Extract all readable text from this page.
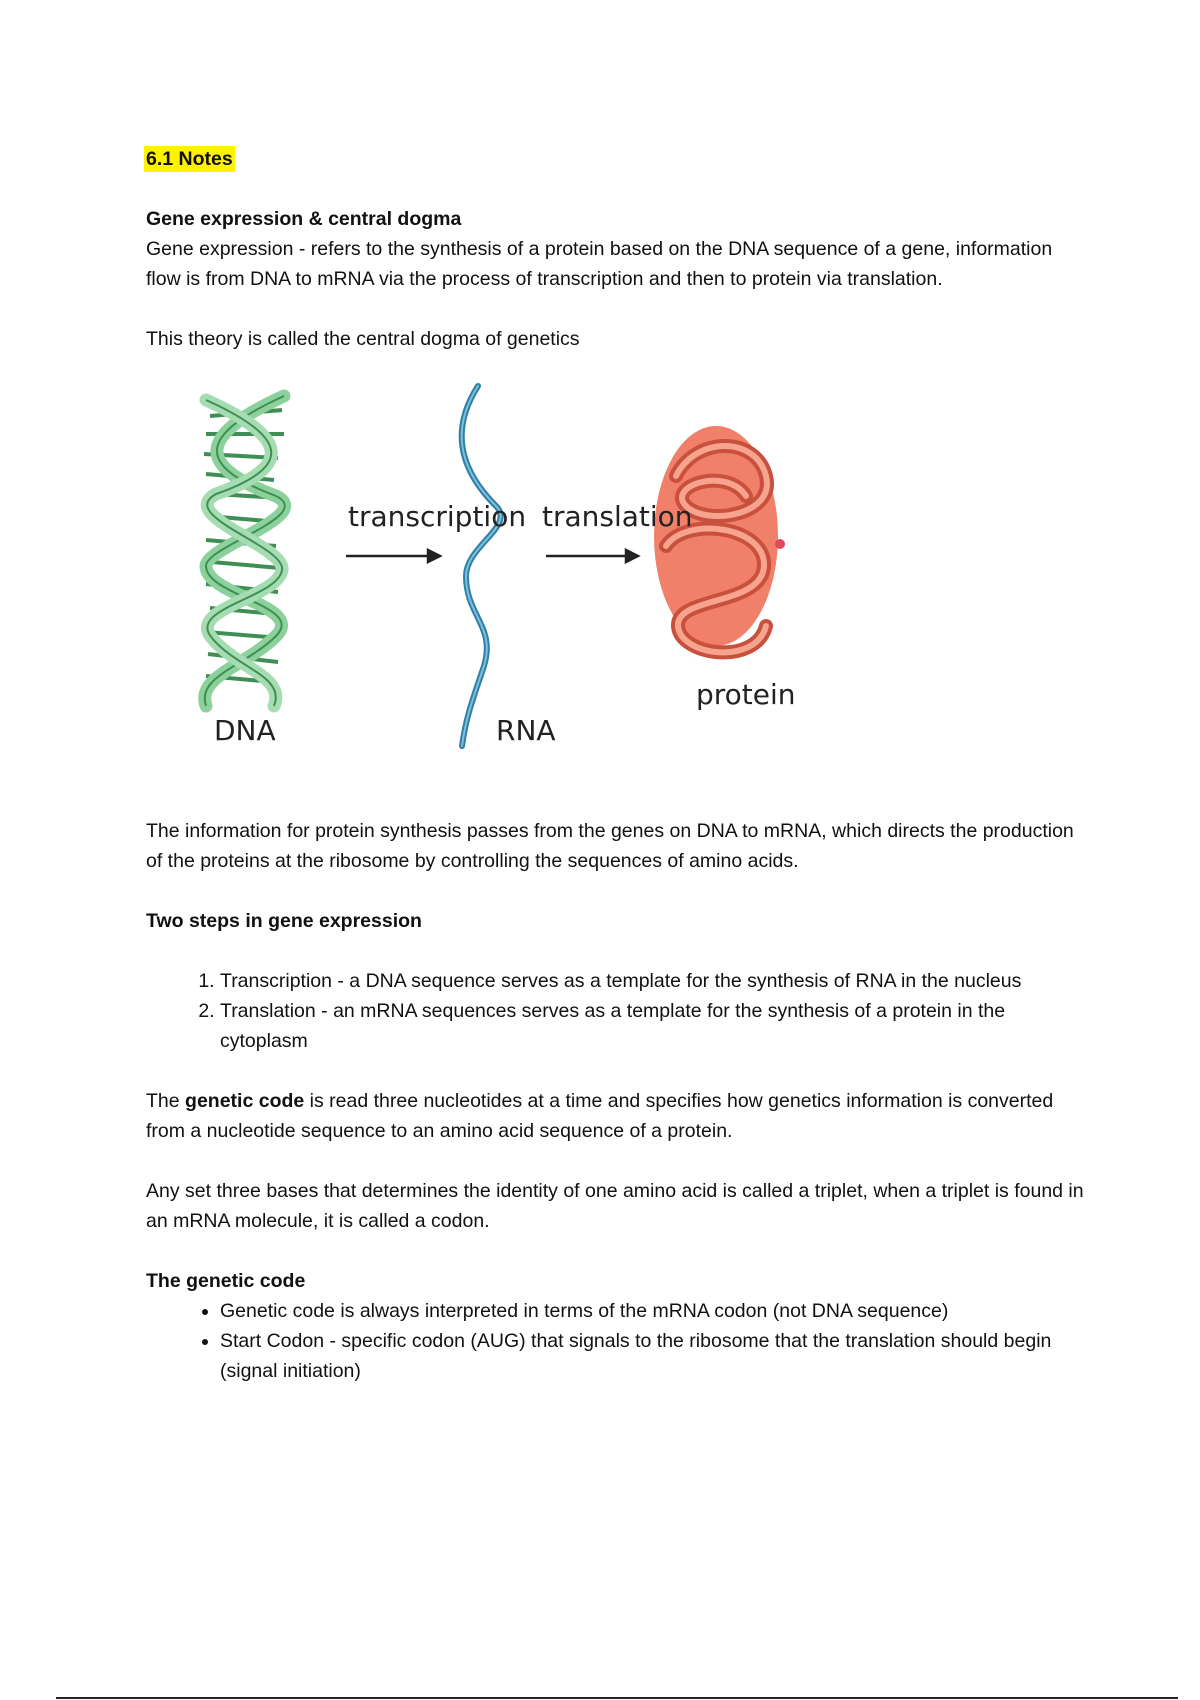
6.1 Notes

Gene expression & central dogma

Gene expression - refers to the synthesis of a protein based on the DNA sequence of a gene, information flow is from DNA to mRNA via the process of transcription and then to protein via translation.

This theory is called the central dogma of genetics

transcription translation
DNA	RNA
protein

The information for protein synthesis passes from the genes on DNA to mRNA, which directs the production of the proteins at the ribosome by controlling the sequences of amino acids.

Two steps in gene expression

1. Transcription - a DNA sequence serves as a template for the synthesis of RNA in the nucleus
2. Translation - an mRNA sequences serves as a template for the synthesis of a protein in the cytoplasm

The genetic code is read three nucleotides at a time and specifies how genetics information is converted from a nucleotide sequence to an amino acid sequence of a protein.

Any set three bases that determines the identity of one amino acid is called a triplet, when a triplet is found in an mRNA molecule, it is called a codon.

The genetic code

• Genetic code is always interpreted in terms of the mRNA codon (not DNA sequence)
• Start Codon - specific codon (AUG) that signals to the ribosome that the translation should begin (signal initiation)
